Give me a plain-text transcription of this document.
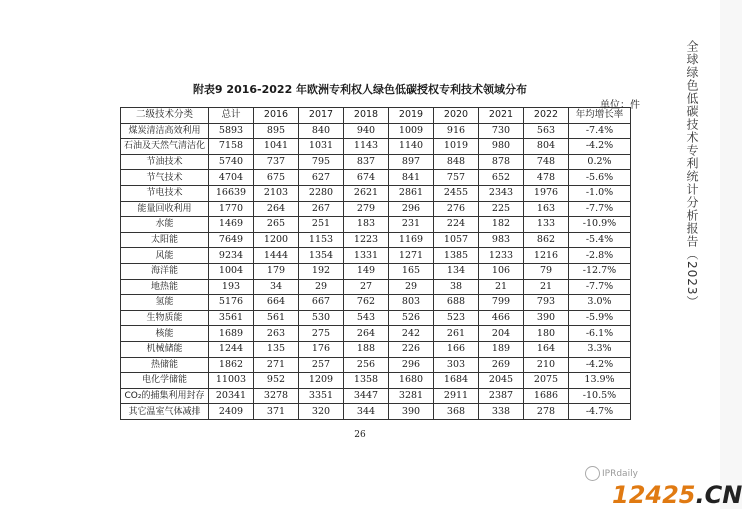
全球绿色低碳技术专利统计分析报告（2023）
附表9 2016-2022 年欧洲专利权人绿色低碳授权专利技术领域分布
单位：件
二级技术分类	总计	2016	2017	2018	2019	2020	2021	2022	年均增长率
煤炭清洁高效利用	5893	895	840	940	1009	916	730	563	-7.4%
石油及天然气清洁化	7158	1041	1031	1143	1140	1019	980	804	-4.2%
节油技术	5740	737	795	837	897	848	878	748	0.2%
节气技术	4704	675	627	674	841	757	652	478	-5.6%
节电技术	16639	2103	2280	2621	2861	2455	2343	1976	-1.0%
能量回收利用	1770	264	267	279	296	276	225	163	-7.7%
水能	1469	265	251	183	231	224	182	133	-10.9%
太阳能	7649	1200	1153	1223	1169	1057	983	862	-5.4%
风能	9234	1444	1354	1331	1271	1385	1233	1216	-2.8%
海洋能	1004	179	192	149	165	134	106	79	-12.7%
地热能	193	34	29	27	29	38	21	21	-7.7%
氢能	5176	664	667	762	803	688	799	793	3.0%
生物质能	3561	561	530	543	526	523	466	390	-5.9%
核能	1689	263	275	264	242	261	204	180	-6.1%
机械储能	1244	135	176	188	226	166	189	164	3.3%
热储能	1862	271	257	256	296	303	269	210	-4.2%
电化学储能	11003	952	1209	1358	1680	1684	2045	2075	13.9%
CO₂的捕集利用封存	20341	3278	3351	3447	3281	2911	2387	1686	-10.5%
其它温室气体减排	2409	371	320	344	390	368	338	278	-4.7%
26
IPRdaily
12425.CN
